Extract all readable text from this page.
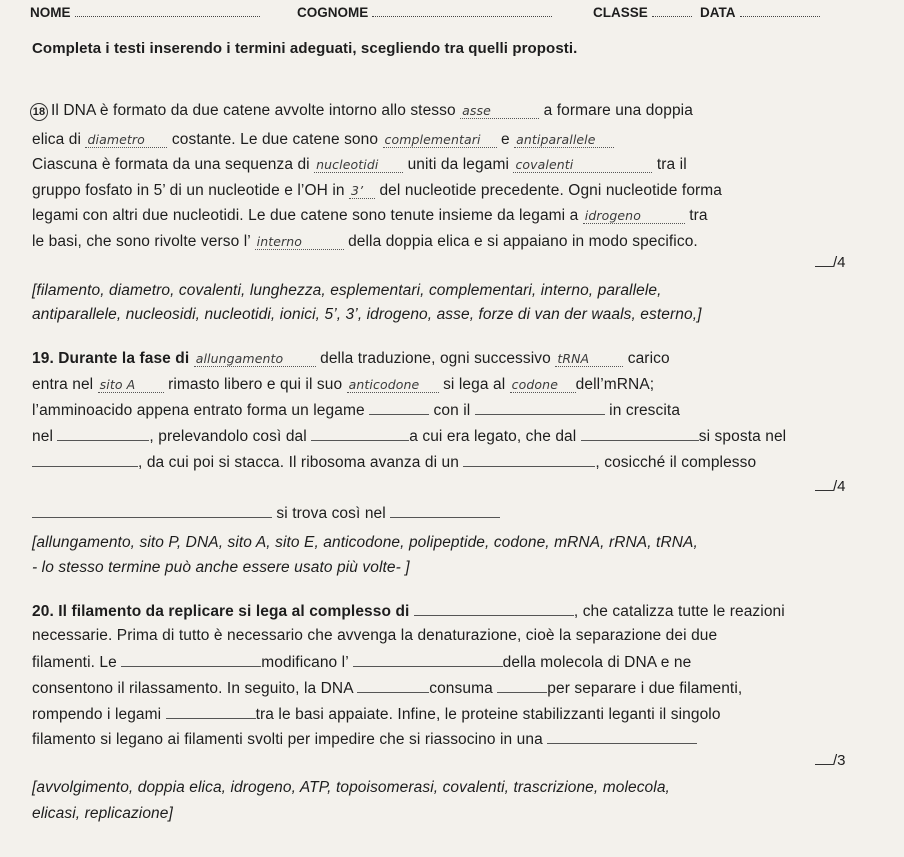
NOME	COGNOME	CLASSE	DATA
Completa i testi inserendo i termini adeguati, scegliendo tra quelli proposti.
18 Il DNA è formato da due catene avvolte intorno allo stesso asse	a formare una doppia
elica di diametro costante. Le due catene sono complementari e antiparallele
Ciascuna è formata da una sequenza di nucleotidi uniti da legami covalenti	tra il
gruppo fosfato in 5’ di un nucleotide e l’OH in 3’ del nucleotide precedente. Ogni nucleotide forma
legami con altri due nucleotidi. Le due catene sono tenute insieme da legami a idrogeno	tra
le basi, che sono rivolte verso l’ interno	della doppia elica e si appaiano in modo specifico.
/4
[filamento, diametro, covalenti, lunghezza, esplementari, complementari, interno, parallele,
antiparallele, nucleosidi, nucleotidi, ionici, 5’, 3’, idrogeno, asse, forze di van der waals, esterno,]
19. Durante la fase di allungamento della traduzione, ogni successivo tRNA carico
entra nel sito A rimasto libero e qui il suo anticodone si lega al codone dell’mRNA;
l’amminoacido appena entrato forma un legame	con il	in crescita
nel	, prelevandolo così dal	a cui era legato, che dal	si sposta nel
, da cui poi si stacca. Il ribosoma avanza di un	, cosicché il complesso
/4
si trova così nel
[allungamento, sito P, DNA, sito A, sito E, anticodone, polipeptide, codone, mRNA, rRNA, tRNA,
- lo stesso termine può anche essere usato più volte- ]
20. Il filamento da replicare si lega al complesso di	, che catalizza tutte le reazioni
necessarie. Prima di tutto è necessario che avvenga la denaturazione, cioè la separazione dei due
filamenti. Le	modificano l’	della molecola di DNA e ne
consentono il rilassamento. In seguito, la DNA	consuma	per separare i due filamenti,
rompendo i legami	tra le basi appaiate. Infine, le proteine stabilizzanti leganti il singolo
filamento si legano ai filamenti svolti per impedire che si riassocino in una
/3
[avvolgimento, doppia elica, idrogeno, ATP, topoisomerasi, covalenti, trascrizione, molecola,
elicasi, replicazione]
